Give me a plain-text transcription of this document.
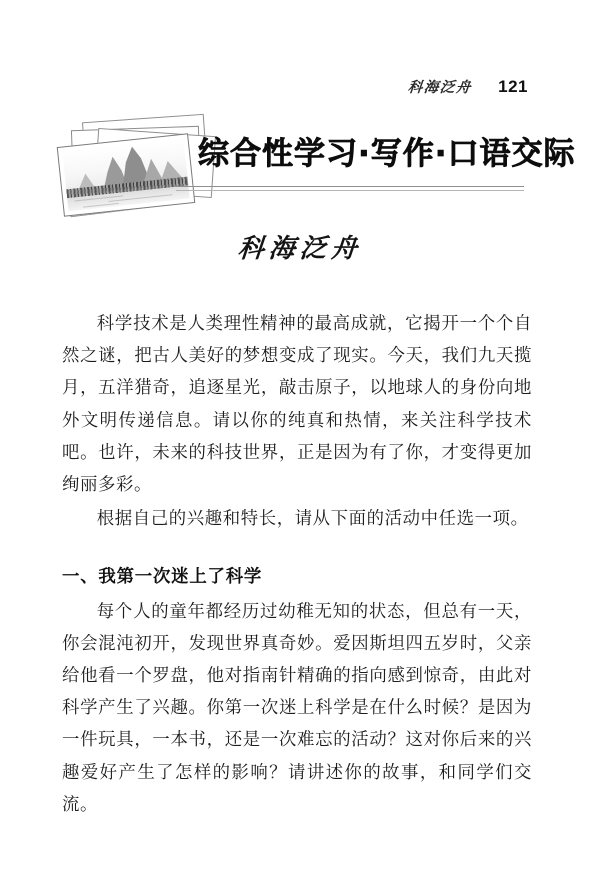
科海泛舟 121
综合性学习·写作·口语交际
科海泛舟

科学技术是人类理性精神的最高成就，它揭开一个个自然之谜，把古人美好的梦想变成了现实。今天，我们九天揽月，五洋猎奇，追逐星光，敲击原子，以地球人的身份向地外文明传递信息。请以你的纯真和热情，来关注科学技术吧。也许，未来的科技世界，正是因为有了你，才变得更加绚丽多彩。

根据自己的兴趣和特长，请从下面的活动中任选一项。

一、我第一次迷上了科学

每个人的童年都经历过幼稚无知的状态，但总有一天，你会混沌初开，发现世界真奇妙。爱因斯坦四五岁时，父亲给他看一个罗盘，他对指南针精确的指向感到惊奇，由此对科学产生了兴趣。你第一次迷上科学是在什么时候？是因为一件玩具，一本书，还是一次难忘的活动？这对你后来的兴趣爱好产生了怎样的影响？请讲述你的故事，和同学们交流。
